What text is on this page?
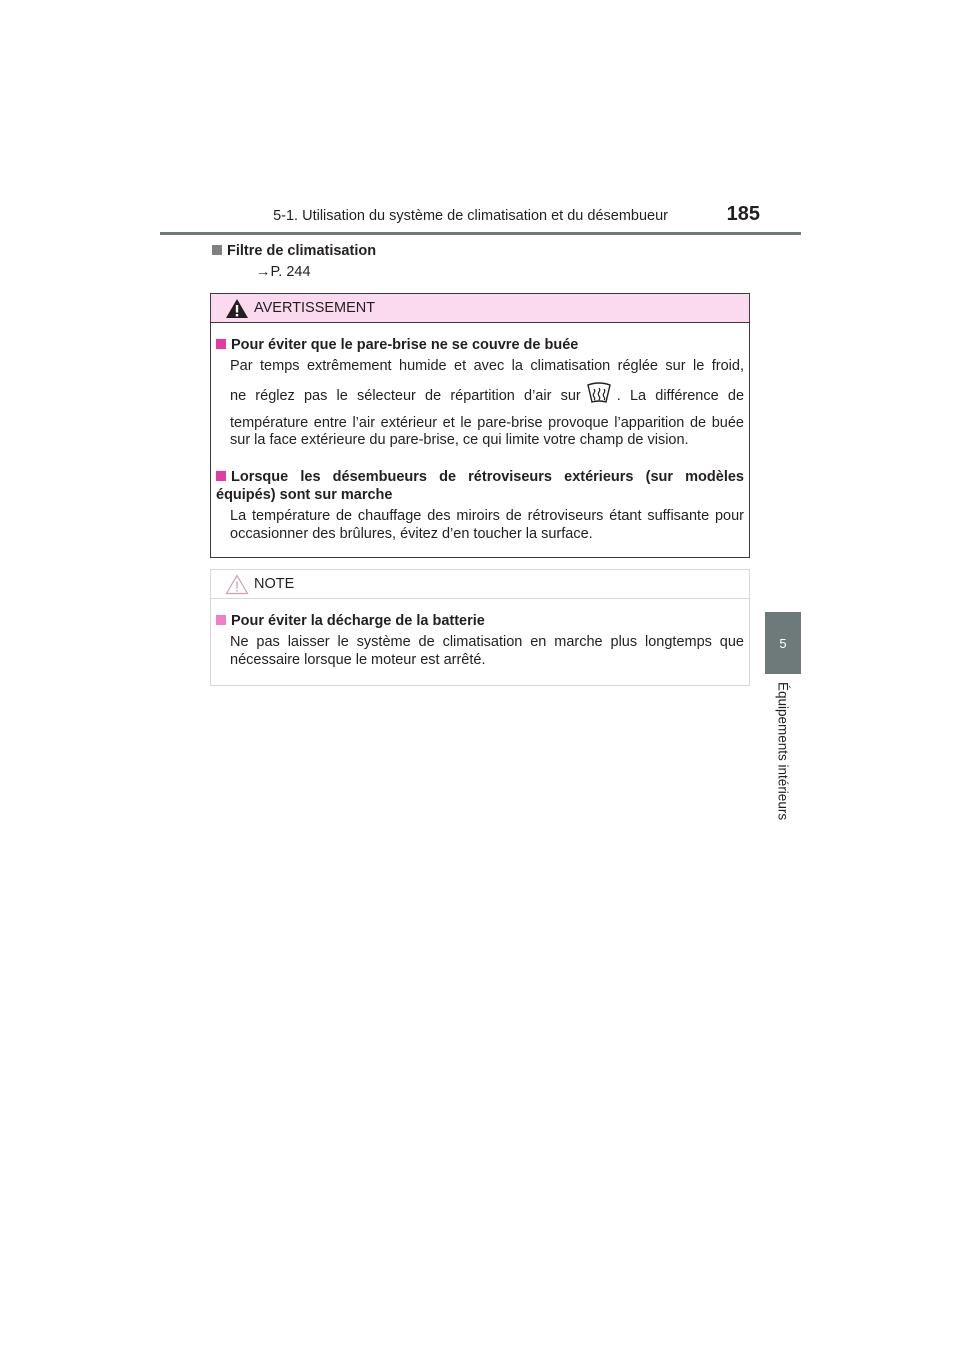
5-1. Utilisation du système de climatisation et du désembueur	185
5
Équipements intérieurs
Filtre de climatisation
→P. 244
AVERTISSEMENT
Pour éviter que le pare-brise ne se couvre de buée

Par temps extrêmement humide et avec la climatisation réglée sur le froid,

ne réglez pas le sélecteur de répartition d’air sur . La différence de

température entre l’air extérieur et le pare-brise provoque l’apparition de buée sur la face extérieure du pare-brise, ce qui limite votre champ de vision.

Lorsque les désembueurs de rétroviseurs extérieurs (sur modèles équipés) sont sur marche

La température de chauffage des miroirs de rétroviseurs étant suffisante pour occasionner des brûlures, évitez d’en toucher la surface.

NOTE
Pour éviter la décharge de la batterie

Ne pas laisser le système de climatisation en marche plus longtemps que nécessaire lorsque le moteur est arrêté.
